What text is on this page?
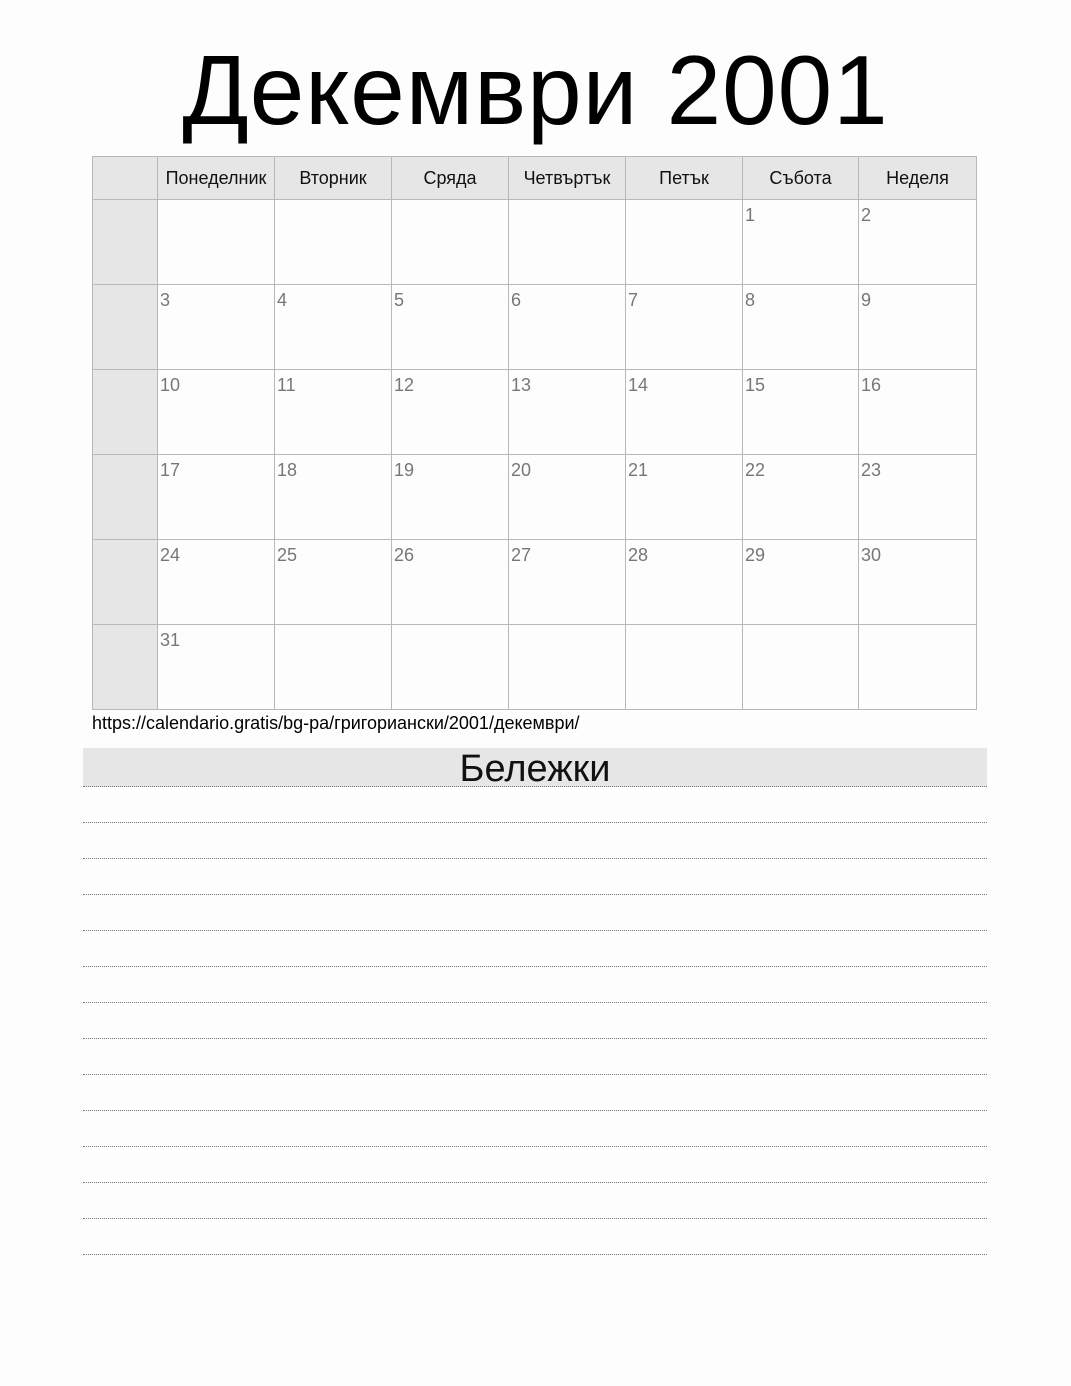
Декември 2001
	Понеделник	Вторник	Сряда	Четвъртък	Петък	Събота	Неделя

						1	2

	3	4	5	6	7	8	9

	10	11	12	13	14	15	16

	17	18	19	20	21	22	23

	24	25	26	27	28	29	30

	31						

https://calendario.gratis/bg-pa/григориански/2001/декември/
Бележки
